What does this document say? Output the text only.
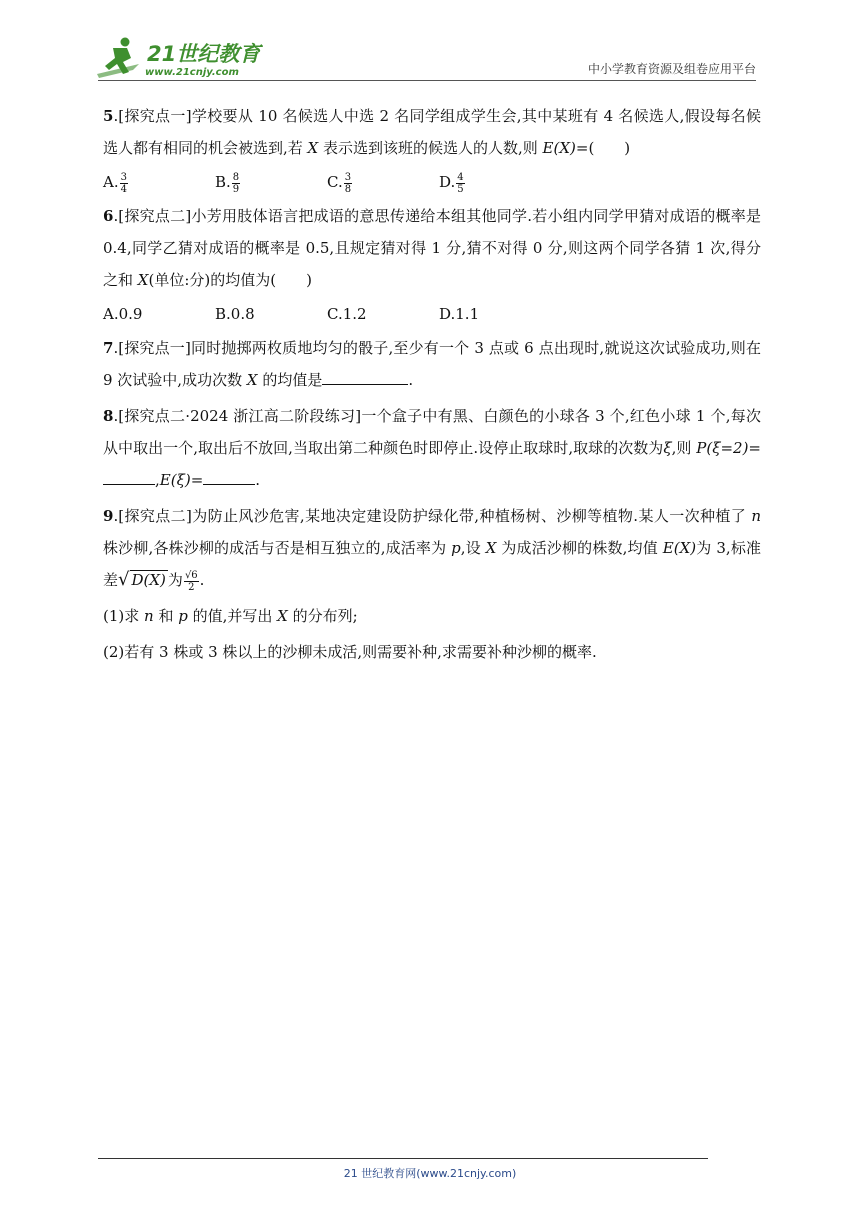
21世纪教育
www.21cnjy.com	中小学教育资源及组卷应用平台

5.[探究点一]学校要从 10 名候选人中选 2 名同学组成学生会,其中某班有 4 名候选人,假设每名候选人都有相同的机会被选到,若 X 表示选到该班的候选人的人数,则 E(X)=(　　)

A. $\frac{3}{4}$	B. $\frac{8}{9}$	C. $\frac{3}{8}$	D. $\frac{4}{5}$

6.[探究点二]小芳用肢体语言把成语的意思传递给本组其他同学.若小组内同学甲猜对成语的概率是 0.4,同学乙猜对成语的概率是 0.5,且规定猜对得 1 分,猜不对得 0 分,则这两个同学各猜 1 次,得分之和 X(单位:分)的均值为(　　)

A.0.9	B.0.8	C.1.2	D.1.1

7.[探究点一]同时抛掷两枚质地均匀的骰子,至少有一个 3 点或 6 点出现时,就说这次试验成功,则在 9 次试验中,成功次数 X 的均值是	.

8.[探究点二·2024 浙江高二阶段练习]一个盒子中有黑、白颜色的小球各 3 个,红色小球 1 个,每次从中取出一个,取出后不放回,当取出第二种颜色时即停止.设停止取球时,取球的次数为ξ,则 P(ξ=2)=,E(ξ)=	.

9.[探究点二]为防止风沙危害,某地决定建设防护绿化带,种植杨树、沙柳等植物.某人一次种植了 n 株沙柳,各株沙柳的成活与否是相互独立的,成活率为 p,设 X 为成活沙柳的株数,均值 E(X)为 3,标准差√ D(X) 为 $\frac{√6}{2}$ .

(1)求 n 和 p 的值,并写出 X 的分布列;

(2)若有 3 株或 3 株以上的沙柳未成活,则需要补种,求需要补种沙柳的概率.

21 世纪教育网(www.21cnjy.com)
